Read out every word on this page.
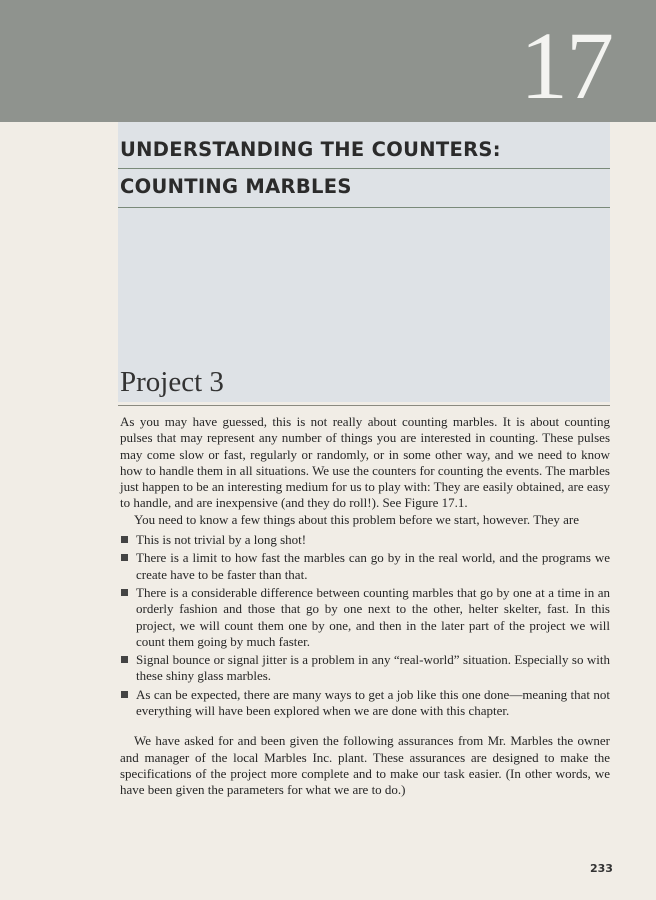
17
UNDERSTANDING THE COUNTERS:
COUNTING MARBLES
Project 3

As you may have guessed, this is not really about counting marbles. It is about counting pulses that may represent any number of things you are interested in counting. These pulses may come slow or fast, regularly or randomly, or in some other way, and we need to know how to handle them in all situations. We use the counters for counting the events. The marbles just happen to be an interesting medium for us to play with: They are easily obtained, are easy to handle, and are inexpensive (and they do roll!). See Figure 17.1.

You need to know a few things about this problem before we start, however. They are

This is not trivial by a long shot!
There is a limit to how fast the marbles can go by in the real world, and the programs we create have to be faster than that.
There is a considerable difference between counting marbles that go by one at a time in an orderly fashion and those that go by one next to the other, helter skelter, fast. In this project, we will count them one by one, and then in the later part of the project we will count them going by much faster.
Signal bounce or signal jitter is a problem in any “real-world” situation. Especially so with these shiny glass marbles.
As can be expected, there are many ways to get a job like this one done—meaning that not everything will have been explored when we are done with this chapter.

We have asked for and been given the following assurances from Mr. Marbles the owner and manager of the local Marbles Inc. plant. These assurances are designed to make the specifications of the project more complete and to make our task easier. (In other words, we have been given the parameters for what we are to do.)

233
